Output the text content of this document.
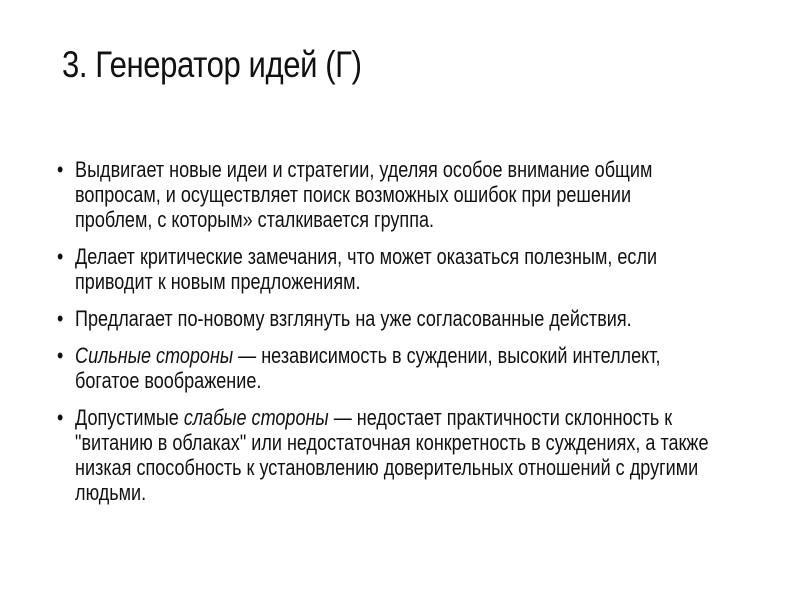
3. Генератор идей (Г)
• Выдвигает новые идеи и стратегии, уделяя особое внимание общим вопросам, и осуществляет поиск возможных ошибок при решении проблем, с которым» сталкивается группа.
• Делает критические замечания, что может оказаться полезным, если приводит к новым предложениям.
• Предлагает по-новому взглянуть на уже согласованные действия.
• Сильные стороны — независимость в суждении, высокий интеллект, богатое воображение.
• Допустимые слабые стороны — недостает практичности склонность к "витанию в облаках" или недостаточная конкретность в суждениях, а также низкая способность к установлению доверительных отношений с другими людьми.
